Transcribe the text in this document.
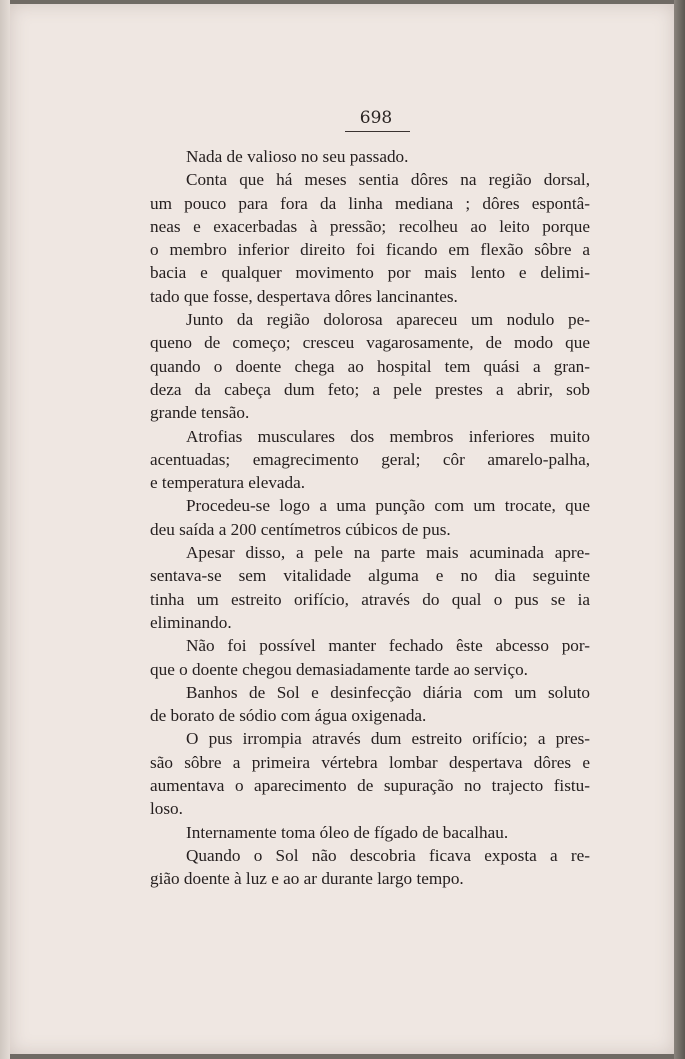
698

Nada de valioso no seu passado.

Conta que há meses sentia dôres na região dorsal,
um pouco para fora da linha mediana ; dôres espontâ-
neas e exacerbadas à pressão; recolheu ao leito porque
o membro inferior direito foi ficando em flexão sôbre a
bacia e qualquer movimento por mais lento e delimi-
tado que fosse, despertava dôres lancinantes.

Junto da região dolorosa apareceu um nodulo pe-
queno de começo; cresceu vagarosamente, de modo que
quando o doente chega ao hospital tem quási a gran-
deza da cabeça dum feto; a pele prestes a abrir, sob
grande tensão.

Atrofias musculares dos membros inferiores muito
acentuadas; emagrecimento geral; côr amarelo-palha,
e temperatura elevada.

Procedeu-se logo a uma punção com um trocate, que
deu saída a 200 centímetros cúbicos de pus.

Apesar disso, a pele na parte mais acuminada apre-
sentava-se sem vitalidade alguma e no dia seguinte
tinha um estreito orifício, através do qual o pus se ia
eliminando.

Não foi possível manter fechado êste abcesso por-
que o doente chegou demasiadamente tarde ao serviço.

Banhos de Sol e desinfecção diária com um soluto
de borato de sódio com água oxigenada.

O pus irrompia através dum estreito orifício; a pres-
são sôbre a primeira vértebra lombar despertava dôres e
aumentava o aparecimento de supuração no trajecto fistu-
loso.

Internamente toma óleo de fígado de bacalhau.

Quando o Sol não descobria ficava exposta a re-
gião doente à luz e ao ar durante largo tempo.
